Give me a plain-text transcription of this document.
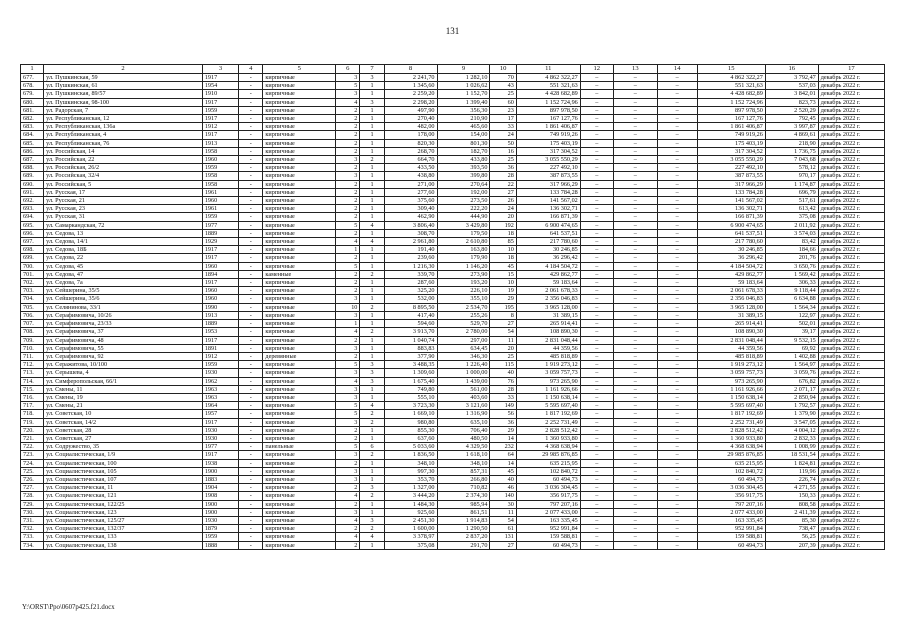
131
1	2	3	4	5	6	7	8	9	10	11	12	13	14	15	16	17
677.	ул. Пушкинская, 59	1917	-	кирпичные	3	3	2 241,70	1 282,10	70	4 862 322,27	–	–	–	4 862 322,27	3 792,47	декабрь 2022 г.
678.	ул. Пушкинская, 61	1954	-	кирпичные	5	1	1 345,60	1 026,62	43	551 321,63	–	–	–	551 321,63	537,03	декабрь 2022 г.
679.	ул. Пушкинская, 89/57	1910	-	кирпичные	3	1	2 259,20	1 152,70	25	4 428 682,89	–	–	–	4 428 682,89	3 842,01	декабрь 2022 г.
680.	ул. Пушкинская, 98-100	1917	-	кирпичные	4	3	2 298,20	1 399,40	60	1 152 724,96	–	–	–	1 152 724,96	823,73	декабрь 2022 г.
681.	ул. Радорская, 7	1959	-	кирпичные	2	1	497,90	356,30	23	897 978,50	–	–	–	897 978,50	2 520,29	декабрь 2022 г.
682.	ул. Республиканская, 12	1917	-	кирпичные	2	1	270,40	210,90	17	167 127,76	–	–	–	167 127,76	792,45	декабрь 2022 г.
683.	ул. Республиканская, 136а	1912	-	кирпичные	2	1	482,00	465,60	33	1 861 406,87	–	–	–	1 861 406,87	3 997,87	декабрь 2022 г.
684.	ул. Республиканская, 4	1917	-	кирпичные	2	1	178,00	154,00	24	749 919,26	–	–	–	749 919,26	4 869,61	декабрь 2022 г.
685.	ул. Республиканская, 76	1913	-	кирпичные	2	1	820,30	801,30	50	175 403,19	–	–	–	175 403,19	218,90	декабрь 2022 г.
686.	ул. Российская, 14	1958	-	кирпичные	2	1	268,70	182,70	16	317 304,52	–	–	–	317 304,52	1 736,75	декабрь 2022 г.
687.	ул. Российская, 22	1960	-	кирпичные	3	2	664,70	433,80	25	3 055 550,29	–	–	–	3 055 550,29	7 043,68	декабрь 2022 г.
688.	ул. Российская, 26/2	1959	-	кирпичные	2	1	433,50	393,50	36	227 492,10	–	–	–	227 492,10	578,12	декабрь 2022 г.
689.	ул. Российская, 32/4	1958	-	кирпичные	3	1	438,80	399,80	28	387 873,55	–	–	–	387 873,55	970,17	декабрь 2022 г.
690.	ул. Российская, 5	1958	-	кирпичные	2	1	271,00	270,64	22	317 966,29	–	–	–	317 966,29	1 174,87	декабрь 2022 г.
691.	ул. Русская, 17	1961	-	кирпичные	2	1	277,60	192,00	27	133 784,28	–	–	–	133 784,28	696,79	декабрь 2022 г.
692.	ул. Русская, 21	1960	-	кирпичные	2	1	375,60	273,50	26	141 567,02	–	–	–	141 567,02	517,61	декабрь 2022 г.
693.	ул. Русская, 23	1961	-	кирпичные	2	1	309,40	222,20	24	136 302,71	–	–	–	136 302,71	613,42	декабрь 2022 г.
694.	ул. Русская, 31	1959	-	кирпичные	2	1	462,90	444,90	20	166 871,39	–	–	–	166 871,39	375,08	декабрь 2022 г.
695.	ул. Самаркандская, 72	1977	-	кирпичные	5	4	3 806,40	3 429,80	192	6 900 474,65	–	–	–	6 900 474,65	2 011,92	декабрь 2022 г.
696.	ул. Седова, 13	1889	-	кирпичные	2	1	308,70	179,50	18	641 537,51	–	–	–	641 537,51	3 574,03	декабрь 2022 г.
697.	ул. Седова, 14/1	1929	-	кирпичные	4	4	2 961,80	2 610,80	85	217 780,60	–	–	–	217 780,60	83,42	декабрь 2022 г.
698.	ул. Седова, 18Б	1917	-	кирпичные	1	1	191,40	163,80	10	30 246,85	–	–	–	30 246,85	184,66	декабрь 2022 г.
699.	ул. Седова, 22	1917	-	кирпичные	2	1	239,60	179,90	18	36 296,42	–	–	–	36 296,42	201,76	декабрь 2022 г.
700.	ул. Седова, 45	1960	-	кирпичные	5	1	1 216,30	1 146,20	45	4 184 504,72	–	–	–	4 184 504,72	3 650,76	декабрь 2022 г.
701.	ул. Седова, 47	1894	-	каменные	2	2	339,70	273,90	15	429 862,77	–	–	–	429 862,77	1 569,42	декабрь 2022 г.
702.	ул. Седова, 7а	1917	-	кирпичные	2	1	287,60	193,20	10	59 183,64	–	–	–	59 183,64	306,33	декабрь 2022 г.
703.	ул. Сейшерина, 35/5	1960	-	кирпичные	2	1	325,20	226,10	19	2 061 678,33	–	–	–	2 061 678,33	9 118,44	декабрь 2022 г.
704.	ул. Сейшерина, 35/6	1960	-	кирпичные	3	1	532,00	355,10	29	2 356 046,83	–	–	–	2 356 046,83	6 634,88	декабрь 2022 г.
705.	ул. Селянинова, 33/1	1990	-	кирпичные	10	2	8 895,50	2 534,70	195	3 965 128,00	–	–	–	3 965 128,00	1 564,34	декабрь 2022 г.
706.	ул. Серафимовича, 10/26	1913	-	кирпичные	3	1	417,40	255,26	8	31 389,15	–	–	–	31 389,15	122,97	декабрь 2022 г.
707.	ул. Серафимовича, 23/33	1889	-	кирпичные	1	1	594,60	529,70	27	265 914,41	–	–	–	265 914,41	502,01	декабрь 2022 г.
708.	ул. Серафимовича, 37	1953	-	кирпичные	4	2	3 913,70	2 780,00	54	108 890,30	–	–	–	108 890,30	39,17	декабрь 2022 г.
709.	ул. Серафимовича, 48	1917	-	кирпичные	2	1	1 040,74	297,00	11	2 831 048,44	–	–	–	2 831 048,44	9 532,15	декабрь 2022 г.
710.	ул. Серафимовича, 55	1891	-	кирпичные	3	1	883,83	634,45	20	44 359,56	–	–	–	44 359,56	69,92	декабрь 2022 г.
711.	ул. Серафимовича, 92	1912	-	деревянные	2	1	377,90	346,30	25	485 818,89	–	–	–	485 818,89	1 402,88	декабрь 2022 г.
712.	ул. Серажитова, 10/100	1959	-	кирпичные	5	3	3 488,35	1 226,40	115	1 919 273,12	–	–	–	1 919 273,12	1 564,97	декабрь 2022 г.
713.	ул. Серышева, 4	1930	-	кирпичные	3	3	1 309,60	1 000,00	40	3 059 757,73	–	–	–	3 059 757,73	3 059,76	декабрь 2022 г.
714.	ул. Симферопольская, 66/1	1962	-	кирпичные	4	3	1 675,40	1 439,00	76	973 265,90	–	–	–	973 265,90	676,82	декабрь 2022 г.
715.	ул. Смены, 11	1963	-	кирпичные	3	1	749,80	561,00	28	1 161 926,66	–	–	–	1 161 926,66	2 071,17	декабрь 2022 г.
716.	ул. Смены, 19	1963	-	кирпичные	3	1	555,10	403,60	33	1 150 638,14	–	–	–	1 150 638,14	2 850,94	декабрь 2022 г.
717.	ул. Смены, 21	1964	-	кирпичные	5	4	3 723,30	3 121,60	149	5 595 697,40	–	–	–	5 595 697,40	1 792,57	декабрь 2022 г.
718.	ул. Советская, 10	1957	-	кирпичные	5	2	1 669,10	1 316,90	56	1 817 192,69	–	–	–	1 817 192,69	1 379,90	декабрь 2022 г.
719.	ул. Советская, 14/2	1917	-	кирпичные	3	2	980,80	635,10	36	2 252 731,49	–	–	–	2 252 731,49	3 547,05	декабрь 2022 г.
720.	ул. Советская, 28	1930	-	кирпичные	2	1	855,30	706,40	29	2 828 512,42	–	–	–	2 828 512,42	4 004,12	декабрь 2022 г.
721.	ул. Советская, 27	1930	-	кирпичные	2	1	637,60	480,50	14	1 360 933,80	–	–	–	1 360 933,80	2 832,33	декабрь 2022 г.
722.	ул. Содружество, 35	1977	-	панельные	5	6	5 033,60	4 329,50	232	4 368 638,94	–	–	–	4 368 638,94	1 008,99	декабрь 2022 г.
723.	ул. Социалистическая, 1/9	1917	-	кирпичные	3	2	1 836,50	1 618,10	64	29 985 876,85	–	–	–	29 985 876,85	18 531,54	декабрь 2022 г.
724.	ул. Социалистическая, 100	1938	-	кирпичные	2	1	348,10	348,10	14	635 215,95	–	–	–	635 215,95	1 824,81	декабрь 2022 г.
725.	ул. Социалистическая, 105	1900	-	кирпичные	3	1	997,30	857,31	45	102 840,72	–	–	–	102 840,72	119,96	декабрь 2022 г.
726.	ул. Социалистическая, 107	1883	-	кирпичные	3	1	353,70	266,80	40	60 494,73	–	–	–	60 494,73	226,74	декабрь 2022 г.
727.	ул. Социалистическая, 11	1904	-	кирпичные	2	3	1 327,00	710,82	46	3 036 304,45	–	–	–	3 036 304,45	4 271,55	декабрь 2022 г.
728.	ул. Социалистическая, 121	1908	-	кирпичные	4	2	3 444,20	2 374,30	140	356 917,75	–	–	–	356 917,75	150,33	декабрь 2022 г.
729.	ул. Социалистическая, 122/25	1900	-	кирпичные	2	1	1 484,30	985,94	30	797 207,16	–	–	–	797 207,16	808,58	декабрь 2022 г.
730.	ул. Социалистическая, 123	1900	-	кирпичные	3	1	925,60	861,51	11	2 077 433,00	–	–	–	2 077 433,00	2 411,39	декабрь 2022 г.
731.	ул. Социалистическая, 125/27	1930	-	кирпичные	4	3	2 451,30	1 914,83	54	163 335,45	–	–	–	163 335,45	85,30	декабрь 2022 г.
732.	ул. Социалистическая, 132/37	1879	-	кирпичные	2	2	1 600,00	1 290,50	61	952 991,84	–	–	–	952 991,84	738,47	декабрь 2022 г.
733.	ул. Социалистическая, 133	1959	-	кирпичные	4	4	3 378,97	2 837,20	131	159 588,81	–	–	–	159 588,81	56,25	декабрь 2022 г.
734.	ул. Социалистическая, 138	1888	-	кирпичные	2	1	375,08	291,70	27	60 494,73	–	–	–	60 494,73	207,39	декабрь 2022 г.
Y:\ORST\Ppo\0607p425.f21.docx
